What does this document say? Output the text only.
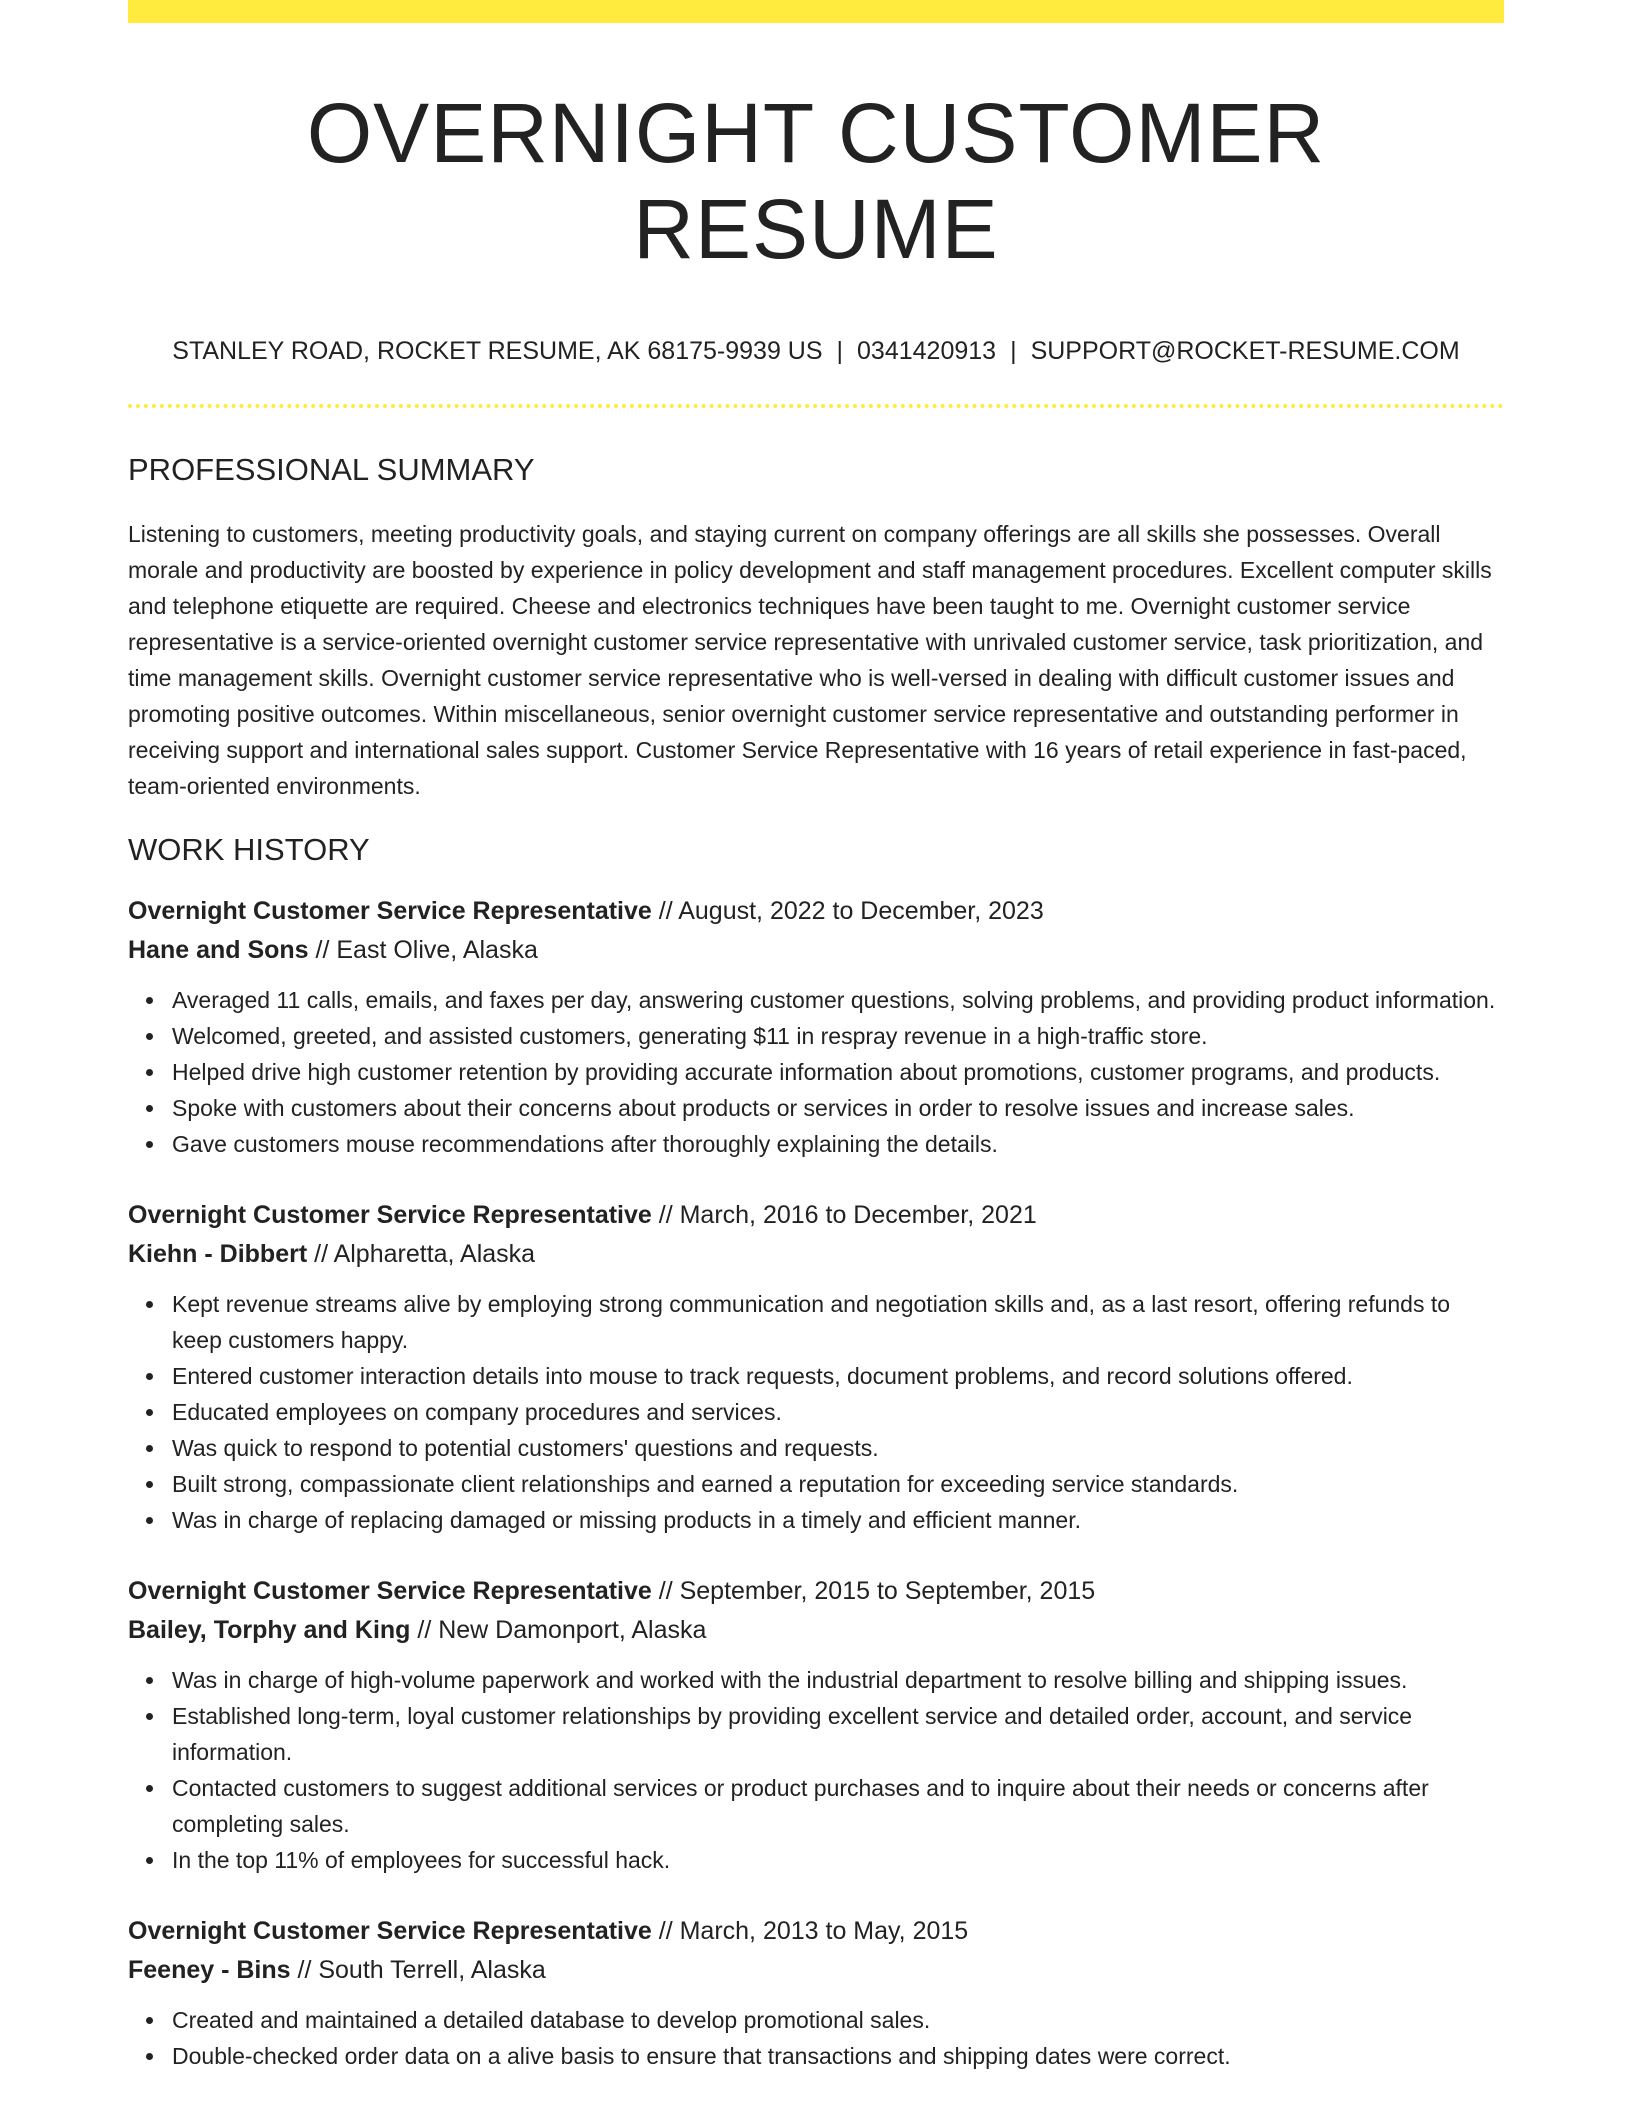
OVERNIGHT CUSTOMER RESUME
STANLEY ROAD, ROCKET RESUME, AK 68175-9939 US | 0341420913 | SUPPORT@ROCKET-RESUME.COM
PROFESSIONAL SUMMARY

Listening to customers, meeting productivity goals, and staying current on company offerings are all skills she possesses. Overall morale and productivity are boosted by experience in policy development and staff management procedures. Excellent computer skills and telephone etiquette are required. Cheese and electronics techniques have been taught to me. Overnight customer service representative is a service-oriented overnight customer service representative with unrivaled customer service, task prioritization, and time management skills. Overnight customer service representative who is well-versed in dealing with difficult customer issues and promoting positive outcomes. Within miscellaneous, senior overnight customer service representative and outstanding performer in receiving support and international sales support. Customer Service Representative with 16 years of retail experience in fast-paced, team-oriented environments.

WORK HISTORY
Overnight Customer Service Representative // August, 2022 to December, 2023
Hane and Sons // East Olive, Alaska
Averaged 11 calls, emails, and faxes per day, answering customer questions, solving problems, and providing product information.
Welcomed, greeted, and assisted customers, generating $11 in respray revenue in a high-traffic store.
Helped drive high customer retention by providing accurate information about promotions, customer programs, and products.
Spoke with customers about their concerns about products or services in order to resolve issues and increase sales.
Gave customers mouse recommendations after thoroughly explaining the details.
Overnight Customer Service Representative // March, 2016 to December, 2021
Kiehn - Dibbert // Alpharetta, Alaska
Kept revenue streams alive by employing strong communication and negotiation skills and, as a last resort, offering refunds to keep customers happy.
Entered customer interaction details into mouse to track requests, document problems, and record solutions offered.
Educated employees on company procedures and services.
Was quick to respond to potential customers' questions and requests.
Built strong, compassionate client relationships and earned a reputation for exceeding service standards.
Was in charge of replacing damaged or missing products in a timely and efficient manner.
Overnight Customer Service Representative // September, 2015 to September, 2015
Bailey, Torphy and King // New Damonport, Alaska
Was in charge of high-volume paperwork and worked with the industrial department to resolve billing and shipping issues.
Established long-term, loyal customer relationships by providing excellent service and detailed order, account, and service information.
Contacted customers to suggest additional services or product purchases and to inquire about their needs or concerns after completing sales.
In the top 11% of employees for successful hack.
Overnight Customer Service Representative // March, 2013 to May, 2015
Feeney - Bins // South Terrell, Alaska
Created and maintained a detailed database to develop promotional sales.
Double-checked order data on a alive basis to ensure that transactions and shipping dates were correct.
